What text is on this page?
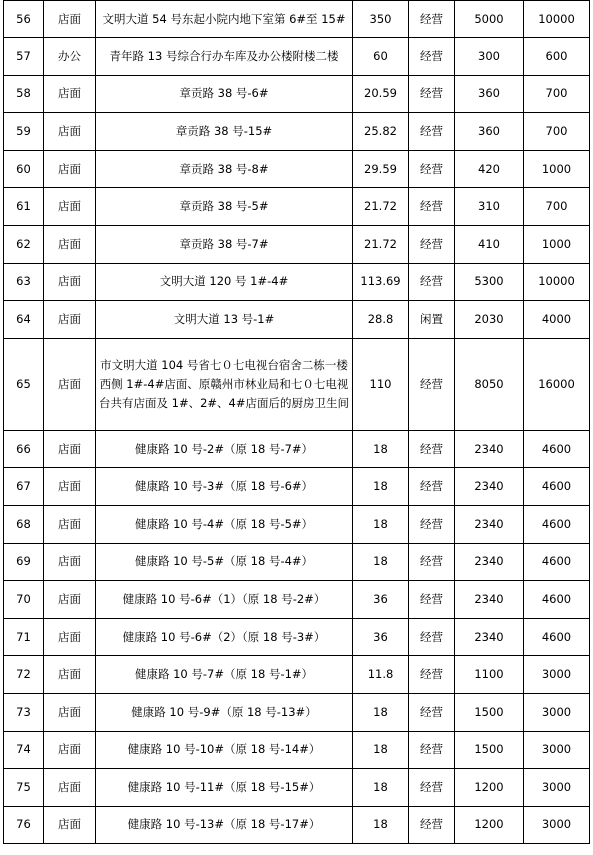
56	店面	文明大道 54 号东起小院内地下室第 6#至 15#	350	经营	5000	10000
57	办公	青年路 13 号综合行办车库及办公楼附楼二楼	60	经营	300	600
58	店面	章贡路 38 号-6#	20.59	经营	360	700
59	店面	章贡路 38 号-15#	25.82	经营	360	700
60	店面	章贡路 38 号-8#	29.59	经营	420	1000
61	店面	章贡路 38 号-5#	21.72	经营	310	700
62	店面	章贡路 38 号-7#	21.72	经营	410	1000
63	店面	文明大道 120 号 1#-4#	113.69	经营	5300	10000
64	店面	文明大道 13 号-1#	28.8	闲置	2030	4000
65	店面	市文明大道 104 号省七０七电视台宿舍二栋一楼西侧 1#-4#店面、原赣州市林业局和七０七电视台共有店面及 1#、2#、4#店面后的厨房卫生间	110	经营	8050	16000
66	店面	健康路 10 号-2#（原 18 号-7#）	18	经营	2340	4600
67	店面	健康路 10 号-3#（原 18 号-6#）	18	经营	2340	4600
68	店面	健康路 10 号-4#（原 18 号-5#）	18	经营	2340	4600
69	店面	健康路 10 号-5#（原 18 号-4#）	18	经营	2340	4600
70	店面	健康路 10 号-6#（1）（原 18 号-2#）	36	经营	2340	4600
71	店面	健康路 10 号-6#（2）（原 18 号-3#）	36	经营	2340	4600
72	店面	健康路 10 号-7#（原 18 号-1#）	11.8	经营	1100	3000
73	店面	健康路 10 号-9#（原 18 号-13#）	18	经营	1500	3000
74	店面	健康路 10 号-10#（原 18 号-14#）	18	经营	1500	3000
75	店面	健康路 10 号-11#（原 18 号-15#）	18	经营	1200	3000
76	店面	健康路 10 号-13#（原 18 号-17#）	18	经营	1200	3000
